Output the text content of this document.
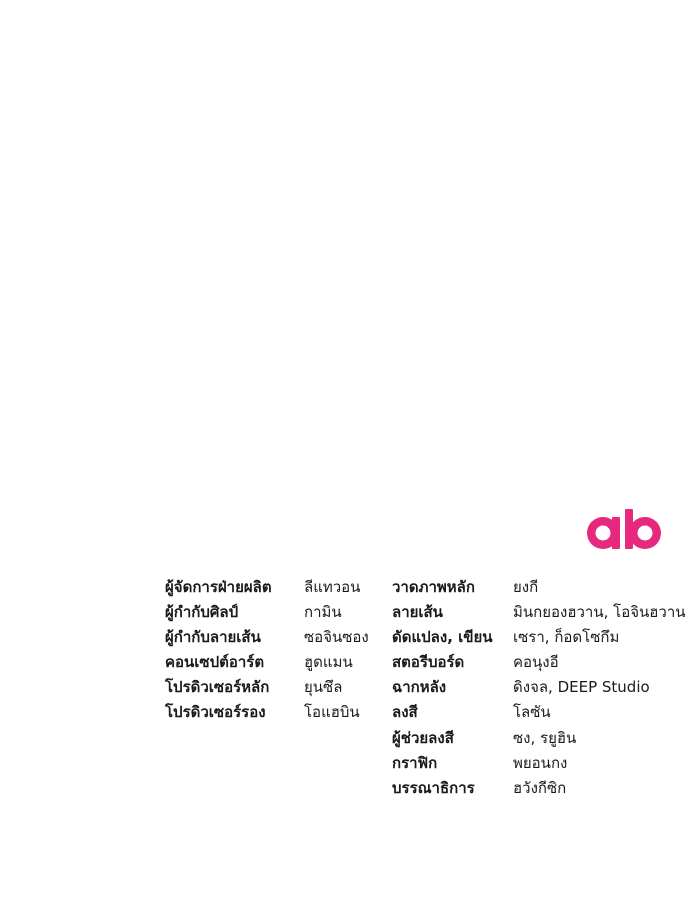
ผู้จัดการฝ่ายผลิต
ผู้กำกับศิลป์
ผู้กำกับลายเส้น
คอนเซปต์อาร์ต
โปรดิวเซอร์หลัก
โปรดิวเซอร์รอง
ลีแทวอน
กามิน
ซอจินซอง
ฮูดแมน
ยุนซึล
โอแฮบิน
วาดภาพหลัก
ลายเส้น
ดัดแปลง, เขียน
สตอรีบอร์ด
ฉากหลัง
ลงสี
ผู้ช่วยลงสี
กราฟิก
บรรณาธิการ
ยงกี
มินกยองฮวาน, โอจินฮวาน
เซรา, ก็อดโซกึม
คอนุงอี
ดิงจล, DEEP Studio
โลซัน
ซง, รยูฮิน
พยอนกง
ฮวังกีซิก
